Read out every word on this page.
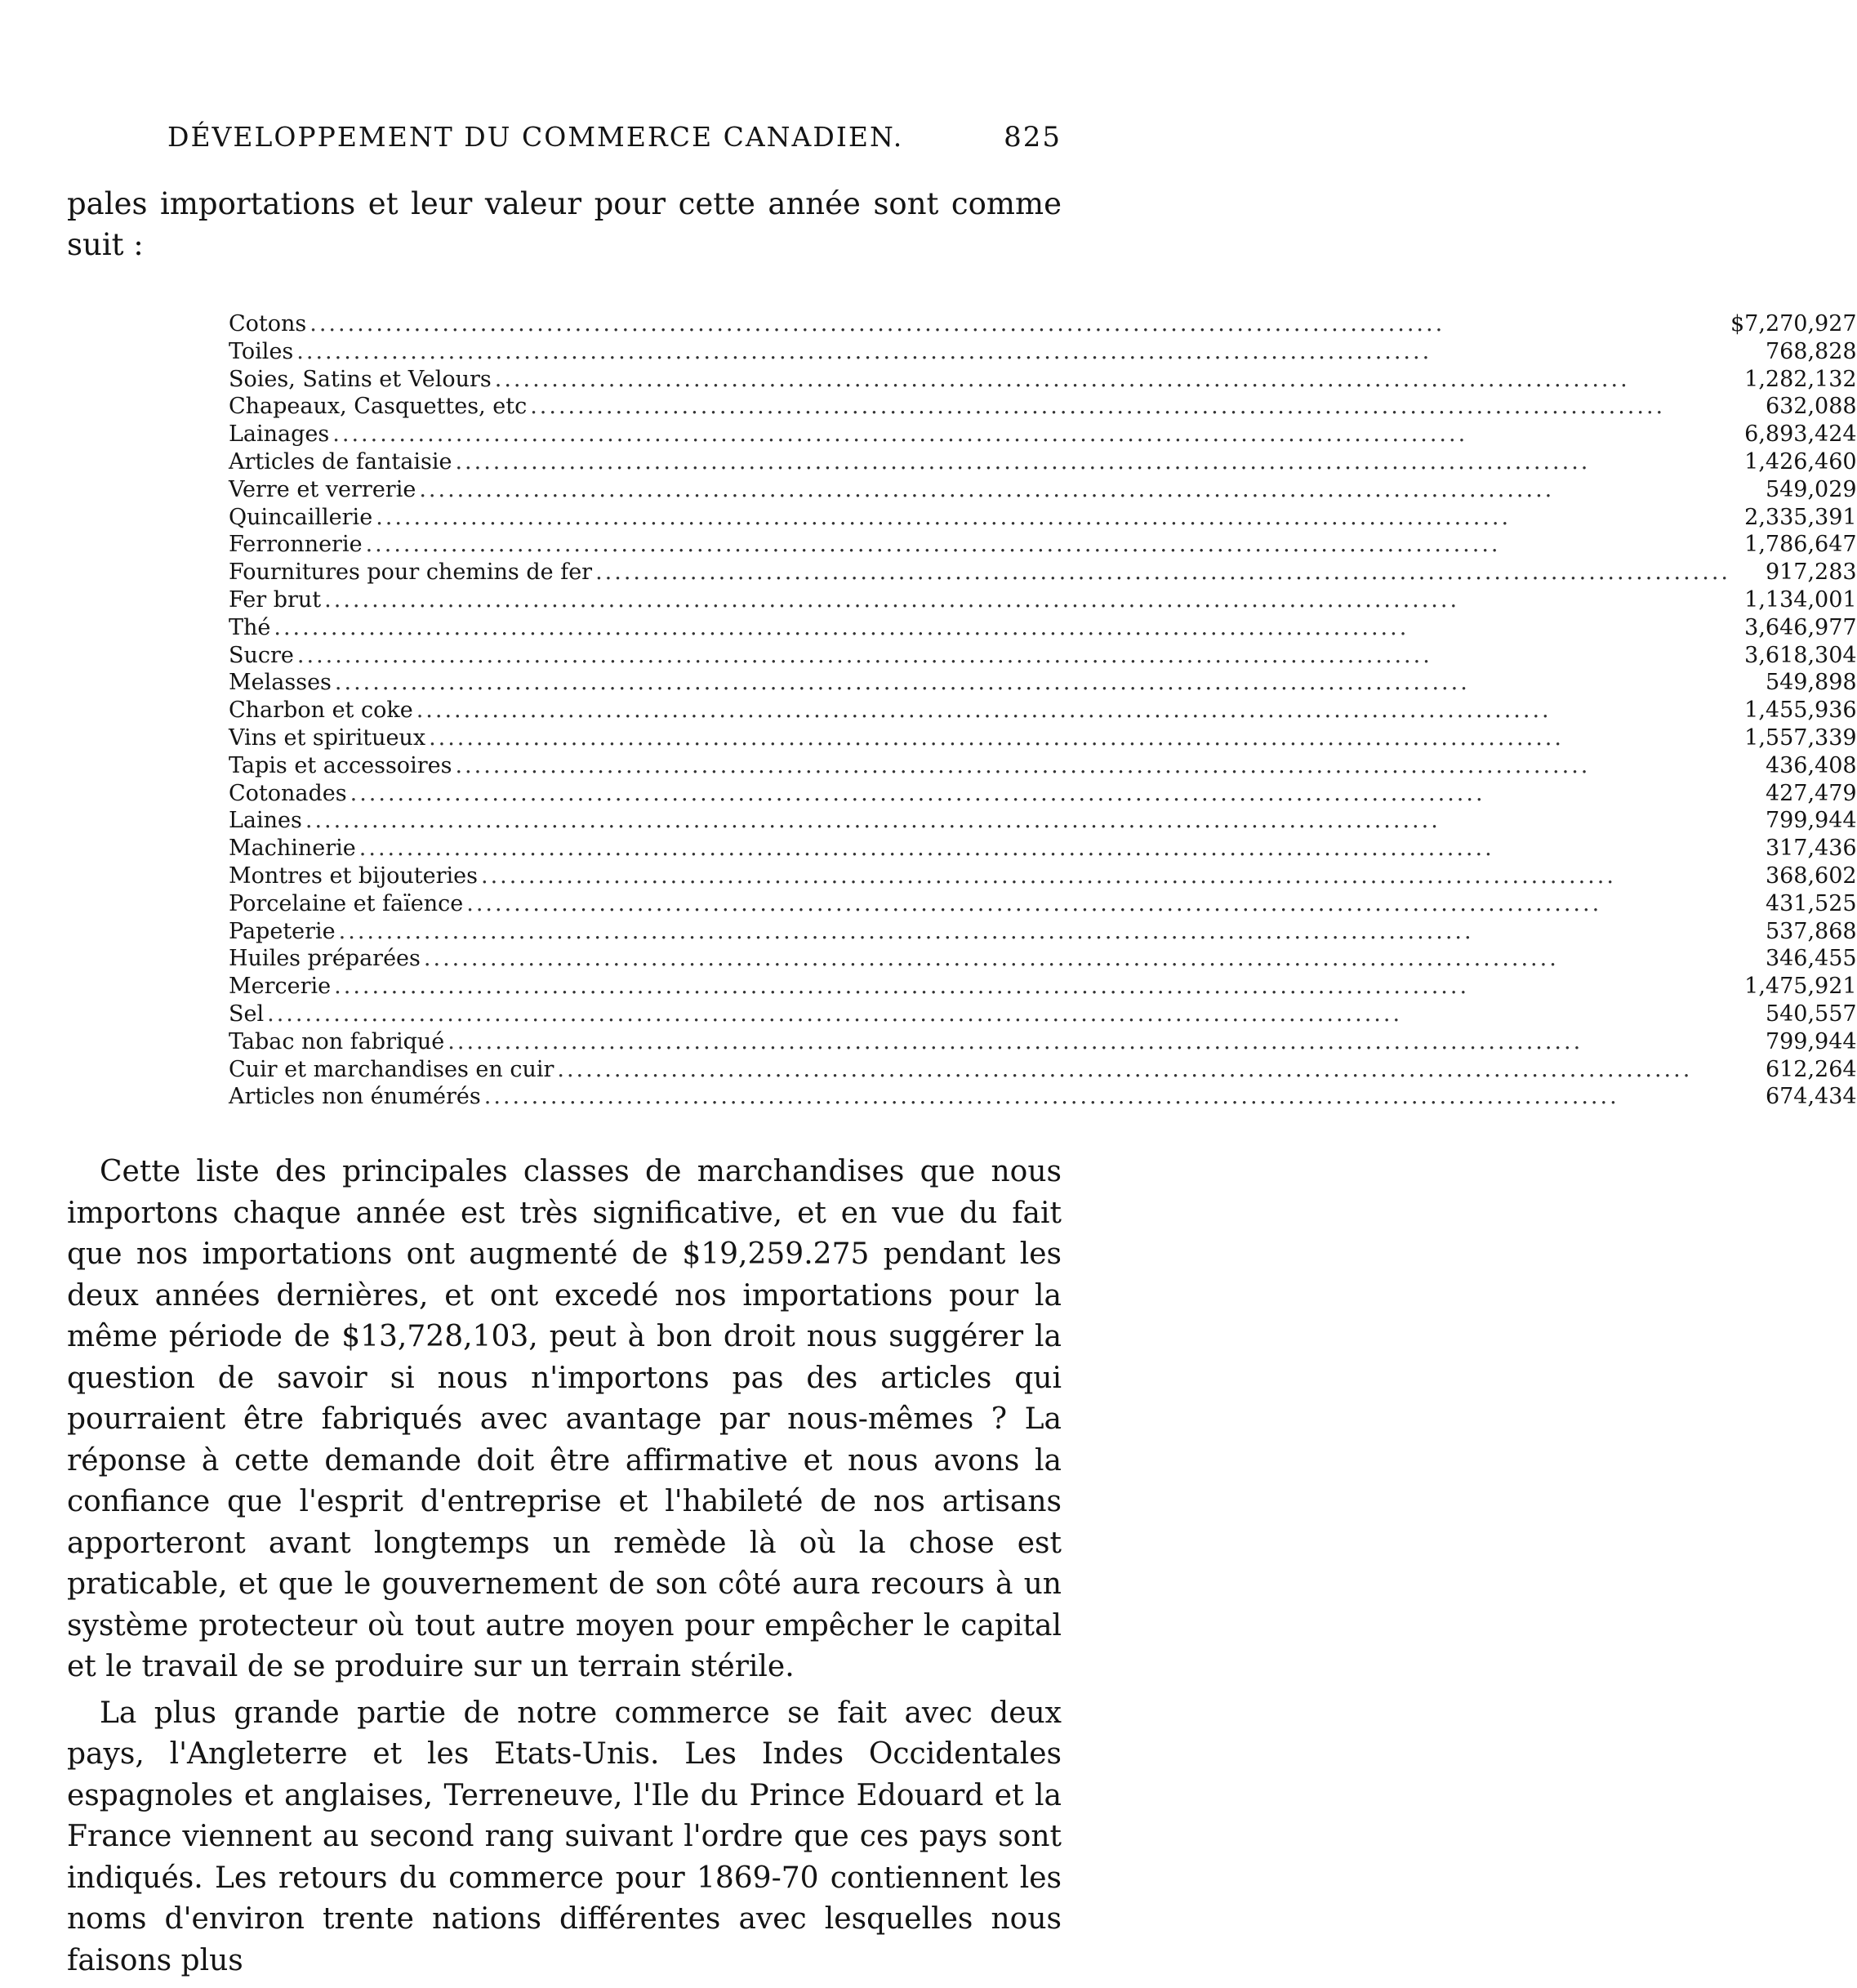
DÉVELOPPEMENT DU COMMERCE CANADIEN.	825
pales importations et leur valeur pour cette année sont comme suit :
Cotons ........................................................................................................................	$7,270,927
Toiles ........................................................................................................................	768,828
Soies, Satins et Velours ........................................................................................................................	1,282,132
Chapeaux, Casquettes, etc ........................................................................................................................	632,088
Lainages ........................................................................................................................	6,893,424
Articles de fantaisie ........................................................................................................................	1,426,460
Verre et verrerie ........................................................................................................................	549,029
Quincaillerie ........................................................................................................................	2,335,391
Ferronnerie ........................................................................................................................	1,786,647
Fournitures pour chemins de fer ........................................................................................................................	917,283
Fer brut ........................................................................................................................	1,134,001
Thé ........................................................................................................................	3,646,977
Sucre ........................................................................................................................	3,618,304
Melasses ........................................................................................................................	549,898
Charbon et coke ........................................................................................................................	1,455,936
Vins et spiritueux ........................................................................................................................	1,557,339
Tapis et accessoires ........................................................................................................................	436,408
Cotonades ........................................................................................................................	427,479
Laines ........................................................................................................................	799,944
Machinerie ........................................................................................................................	317,436
Montres et bijouteries ........................................................................................................................	368,602
Porcelaine et faïence ........................................................................................................................	431,525
Papeterie ........................................................................................................................	537,868
Huiles préparées ........................................................................................................................	346,455
Mercerie ........................................................................................................................	1,475,921
Sel ........................................................................................................................	540,557
Tabac non fabriqué ........................................................................................................................	799,944
Cuir et marchandises en cuir ........................................................................................................................	612,264
Articles non énumérés ........................................................................................................................	674,434

Cette liste des principales classes de marchandises que nous importons chaque année est très significative, et en vue du fait que nos importations ont augmenté de $19,259.275 pendant les deux années dernières, et ont excedé nos importations pour la même période de $13,728,103, peut à bon droit nous suggérer la question de savoir si nous n'importons pas des articles qui pourraient être fabriqués avec avantage par nous-mêmes ? La réponse à cette demande doit être affirmative et nous avons la confiance que l'esprit d'entreprise et l'habileté de nos artisans apporteront avant longtemps un remède là où la chose est praticable, et que le gouvernement de son côté aura recours à un système protecteur où tout autre moyen pour empêcher le capital et le travail de se produire sur un terrain stérile.

La plus grande partie de notre commerce se fait avec deux pays, l'Angleterre et les Etats-Unis. Les Indes Occidentales espagnoles et anglaises, Terreneuve, l'Ile du Prince Edouard et la France viennent au second rang suivant l'ordre que ces pays sont indiqués. Les retours du commerce pour 1869-70 contiennent les noms d'environ trente nations différentes avec lesquelles nous faisons plus
